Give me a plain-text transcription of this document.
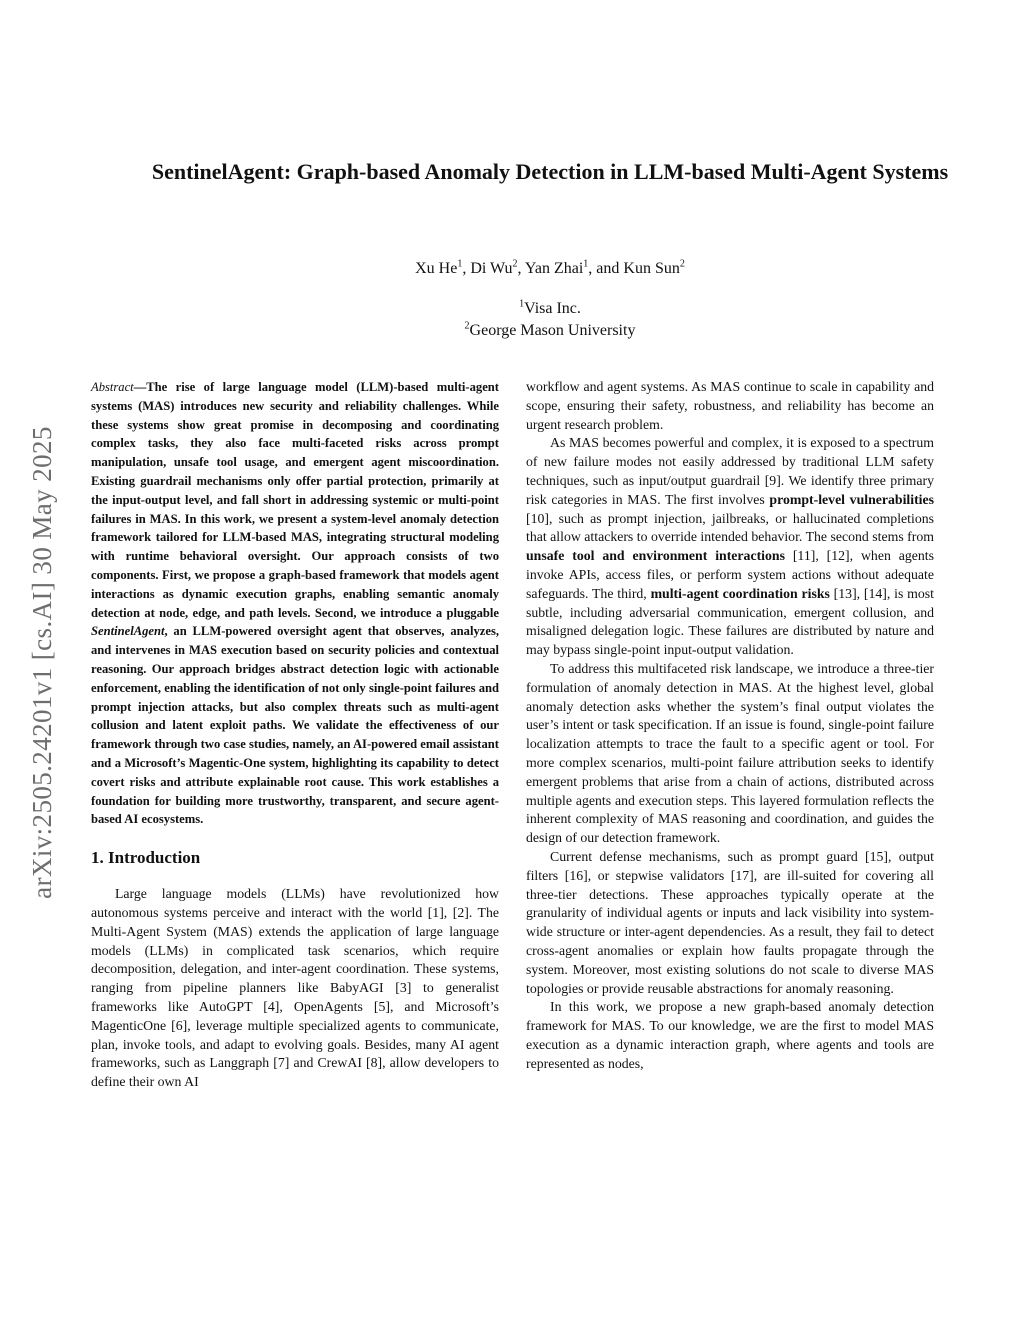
arXiv:2505.24201v1 [cs.AI] 30 May 2025
SentinelAgent: Graph-based Anomaly Detection in LLM-based Multi-Agent Systems
Xu He$^1$, Di Wu$^2$, Yan Zhai$^1$, and Kun Sun$^2$
$^1$Visa Inc.
$^2$George Mason University

Abstract—The rise of large language model (LLM)-based multi-agent systems (MAS) introduces new security and reliability challenges. While these systems show great promise in decomposing and coordinating complex tasks, they also face multi-faceted risks across prompt manipulation, unsafe tool usage, and emergent agent miscoordination. Existing guardrail mechanisms only offer partial protection, primarily at the input-output level, and fall short in addressing systemic or multi-point failures in MAS. In this work, we present a system-level anomaly detection framework tailored for LLM-based MAS, integrating structural modeling with runtime behavioral oversight. Our approach consists of two components. First, we propose a graph-based framework that models agent interactions as dynamic execution graphs, enabling semantic anomaly detection at node, edge, and path levels. Second, we introduce a pluggable SentinelAgent, an LLM-powered oversight agent that observes, analyzes, and intervenes in MAS execution based on security policies and contextual reasoning. Our approach bridges abstract detection logic with actionable enforcement, enabling the identification of not only single-point failures and prompt injection attacks, but also complex threats such as multi-agent collusion and latent exploit paths. We validate the effectiveness of our framework through two case studies, namely, an AI-powered email assistant and a Microsoft’s Magentic-One system, highlighting its capability to detect covert risks and attribute explainable root cause. This work establishes a foundation for building more trustworthy, transparent, and secure agent-based AI ecosystems.

1. Introduction

Large language models (LLMs) have revolutionized how autonomous systems perceive and interact with the world [1], [2]. The Multi-Agent System (MAS) extends the application of large language models (LLMs) in complicated task scenarios, which require decomposition, delegation, and inter-agent coordination. These systems, ranging from pipeline planners like BabyAGI [3] to generalist frameworks like AutoGPT [4], OpenAgents [5], and Microsoft’s MagenticOne [6], leverage multiple specialized agents to communicate, plan, invoke tools, and adapt to evolving goals. Besides, many AI agent frameworks, such as Langgraph [7] and CrewAI [8], allow developers to define their own AI

workflow and agent systems. As MAS continue to scale in capability and scope, ensuring their safety, robustness, and reliability has become an urgent research problem.

As MAS becomes powerful and complex, it is exposed to a spectrum of new failure modes not easily addressed by traditional LLM safety techniques, such as input/output guardrail [9]. We identify three primary risk categories in MAS. The first involves prompt-level vulnerabilities [10], such as prompt injection, jailbreaks, or hallucinated completions that allow attackers to override intended behavior. The second stems from unsafe tool and environment interactions [11], [12], when agents invoke APIs, access files, or perform system actions without adequate safeguards. The third, multi-agent coordination risks [13], [14], is most subtle, including adversarial communication, emergent collusion, and misaligned delegation logic. These failures are distributed by nature and may bypass single-point input-output validation.

To address this multifaceted risk landscape, we introduce a three-tier formulation of anomaly detection in MAS. At the highest level, global anomaly detection asks whether the system’s final output violates the user’s intent or task specification. If an issue is found, single-point failure localization attempts to trace the fault to a specific agent or tool. For more complex scenarios, multi-point failure attribution seeks to identify emergent problems that arise from a chain of actions, distributed across multiple agents and execution steps. This layered formulation reflects the inherent complexity of MAS reasoning and coordination, and guides the design of our detection framework.

Current defense mechanisms, such as prompt guard [15], output filters [16], or stepwise validators [17], are ill-suited for covering all three-tier detections. These approaches typically operate at the granularity of individual agents or inputs and lack visibility into system-wide structure or inter-agent dependencies. As a result, they fail to detect cross-agent anomalies or explain how faults propagate through the system. Moreover, most existing solutions do not scale to diverse MAS topologies or provide reusable abstractions for anomaly reasoning.

In this work, we propose a new graph-based anomaly detection framework for MAS. To our knowledge, we are the first to model MAS execution as a dynamic interaction graph, where agents and tools are represented as nodes,
